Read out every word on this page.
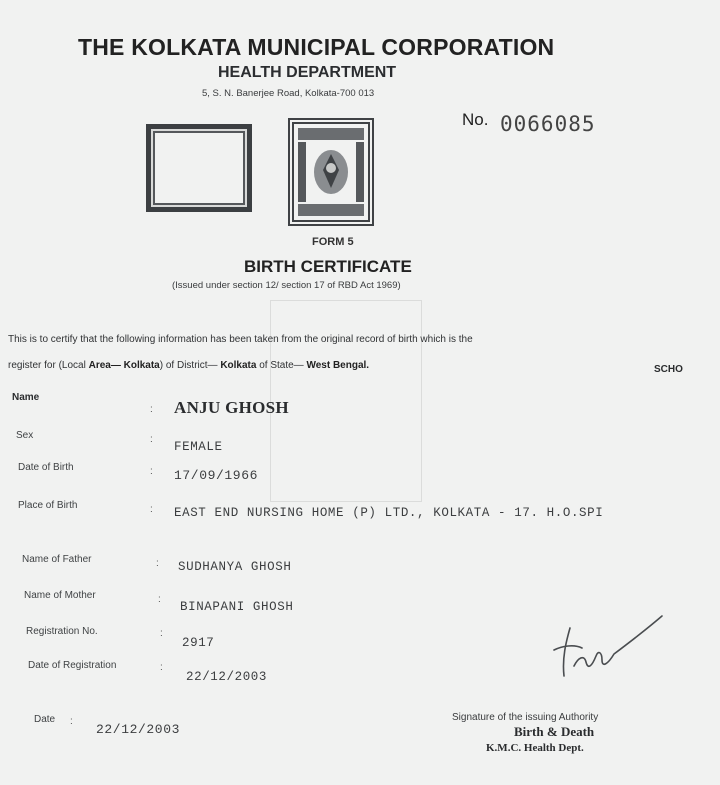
THE KOLKATA MUNICIPAL CORPORATION
HEALTH DEPARTMENT
5, S. N. Banerjee Road, Kolkata-700 013
No. 0066085
FORM 5
BIRTH CERTIFICATE
(Issued under section 12/ section 17 of RBD Act 1969)
This is to certify that the following information has been taken from the original record of birth which is the
register for (Local Area— Kolkata) of District— Kolkata of State— West Bengal.	SCHO
Name
: ANJU GHOSH
Sex	:
FEMALE
Date of Birth	: 17/09/1966
Place of Birth	: EAST END NURSING HOME (P) LTD., KOLKATA - 17. H.O.SPI
Name of Father	: SUDHANYA GHOSH
Name of Mother	:
BINAPANI GHOSH
Registration No.	:
2917
Date of Registration	:
22/12/2003
Date :
22/12/2003
Signature of the issuing Authority
Birth & Death
K.M.C. Health Dept.
